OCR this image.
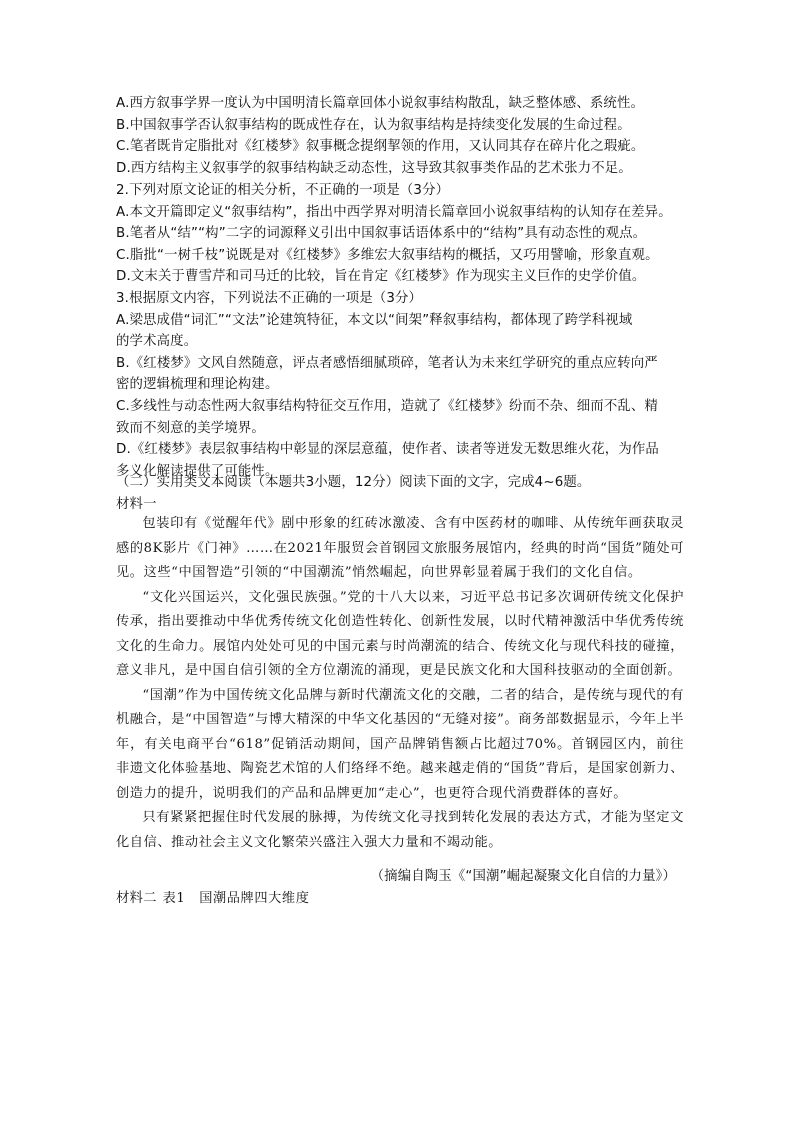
A.西方叙事学界一度认为中国明清长篇章回体小说叙事结构散乱，缺乏整体感、系统性。
B.中国叙事学否认叙事结构的既成性存在，认为叙事结构是持续变化发展的生命过程。
C.笔者既肯定脂批对《红楼梦》叙事概念提纲挈领的作用，又认同其存在碎片化之瑕疵。
D.西方结构主义叙事学的叙事结构缺乏动态性，这导致其叙事类作品的艺术张力不足。
2.下列对原文论证的相关分析，不正确的一项是（3分）
A.本文开篇即定义“叙事结构”，指出中西学界对明清长篇章回小说叙事结构的认知存在差异。
B.笔者从“结”“构”二字的词源释义引出中国叙事话语体系中的“结构”具有动态性的观点。
C.脂批“一树千枝”说既是对《红楼梦》多维宏大叙事结构的概括，又巧用譬喻，形象直观。
D.文末关于曹雪芹和司马迁的比较，旨在肯定《红楼梦》作为现实主义巨作的史学价值。
3.根据原文内容，下列说法不正确的一项是（3分）
A.梁思成借“词汇”“文法”论建筑特征，本文以“间架”释叙事结构，都体现了跨学科视域
的学术高度。
B.《红楼梦》文风自然随意，评点者感悟细腻琐碎，笔者认为未来红学研究的重点应转向严
密的逻辑梳理和理论构建。
C.多线性与动态性两大叙事结构特征交互作用，造就了《红楼梦》纷而不杂、细而不乱、精
致而不刻意的美学境界。
D.《红楼梦》表层叙事结构中彰显的深层意蕴，使作者、读者等迸发无数思维火花，为作品
多义化解读提供了可能性。
（二）实用类文本阅读（本题共3小题，12分）阅读下面的文字，完成4~6题。
材料一
包装印有《觉醒年代》剧中形象的红砖冰激凌、含有中医药材的咖啡、从传统年画获取灵感的8K影片《门神》……在2021年服贸会首钢园文旅服务展馆内，经典的时尚“国货”随处可见。这些“中国智造”引领的“中国潮流”悄然崛起，向世界彰显着属于我们的文化自信。
“文化兴国运兴，文化强民族强。”党的十八大以来，习近平总书记多次调研传统文化保护传承，指出要推动中华优秀传统文化创造性转化、创新性发展，以时代精神激活中华优秀传统文化的生命力。展馆内处处可见的中国元素与时尚潮流的结合、传统文化与现代科技的碰撞，意义非凡，是中国自信引领的全方位潮流的涌现，更是民族文化和大国科技驱动的全面创新。
“国潮”作为中国传统文化品牌与新时代潮流文化的交融，二者的结合，是传统与现代的有机融合，是“中国智造”与博大精深的中华文化基因的“无缝对接”。商务部数据显示，今年上半年，有关电商平台“618”促销活动期间，国产品牌销售额占比超过70%。首钢园区内，前往非遗文化体验基地、陶瓷艺术馆的人们络绎不绝。越来越走俏的“国货”背后，是国家创新力、创造力的提升，说明我们的产品和品牌更加“走心”，也更符合现代消费群体的喜好。
只有紧紧把握住时代发展的脉搏，为传统文化寻找到转化发展的表达方式，才能为坚定文化自信、推动社会主义文化繁荣兴盛注入强大力量和不竭动能。
（摘编自陶玉《“国潮”崛起凝聚文化自信的力量》）
材料二 表1　国潮品牌四大维度
